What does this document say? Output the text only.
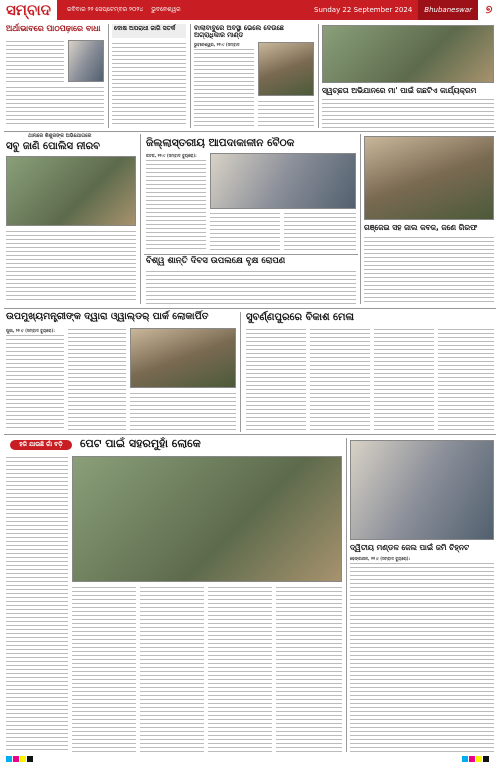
ସମ୍ବାଦ	ରବିବାର ୨୨ ସେପ୍ଟେମ୍ବର ୨୦୨୪ ଭୁବନେଶ୍ୱର	Sunday 22 September 2024	Bhubaneswar	୭
ଅର୍ଥାଭାବରେ ପାଠପଢ଼ାରେ ବାଧା	ଦୋଷ ଅପରାଧୀ ଜାଗି ସତର୍କ	ବାଲାବାବୁରେ ଅବସ୍ଥା ଭେଲେ ଦେଉଛେ ଅଗ୍ରାଧିକାର ମାଣ୍ଡ
ଭୁବନେଶ୍ୱର, ୨୧।୯ (ସମ୍ବାଦ
ସ୍ୱଚ୍ଛତା ଅଭିଯାନରେ ମା' ପାଇଁ ଗଛଟିଏ କାର୍ଯ୍ୟକ୍ରମ
ଥାନାରେ ଶିଶୁରଙ୍କ ଅଭିଯୋଗରେ
ସବୁ ଜାଣି ପୋଲିସ ନୀରବ	ଜିଲ୍ଲାସ୍ତରୀୟ ଆପଦାକାଳୀନ ବୈଠକ
କଟକ, ୨୧।୯ (ସମ୍ବାଦ ବ୍ୟୁରୋ):
ଗଞ୍ଜେଇ ସହ ଜାଲ କବଜ, ଜଣେ ଗିରଫ
ବିଶ୍ୱ ଶାନ୍ତି ଦିବସ ଉପଲକ୍ଷେ ବୃକ୍ଷ ରୋପଣ
ଉପମୁଖ୍ୟମନ୍ତ୍ରୀଙ୍କ ଦ୍ୱାରା ଓ୍ୱାଲ୍ଡର୍ ପାର୍କ ଲୋକାର୍ପିତ
ପୁରୀ, ୨୧।୯ (ସମ୍ବାଦ ବ୍ୟୁରୋ):
ସୁବର୍ଣ୍ଣପୁରରେ ବିକାଶ ମେଳା
ହଜି ଯାଉଛି ଗାଁ ବଡ଼ି	ପେଟ ପାଇଁ ସହରମୁହାଁ ଲୋକେ
ଦ୍ୱିତୀୟ ମଣ୍ଡଳ ଜେଲ ପାଇଁ ଜମି ଚିହ୍ନଟ
ଢେଙ୍କାନାଳ, ୨୧।୯ (ସମ୍ବାଦ ବ୍ୟୁରୋ):
